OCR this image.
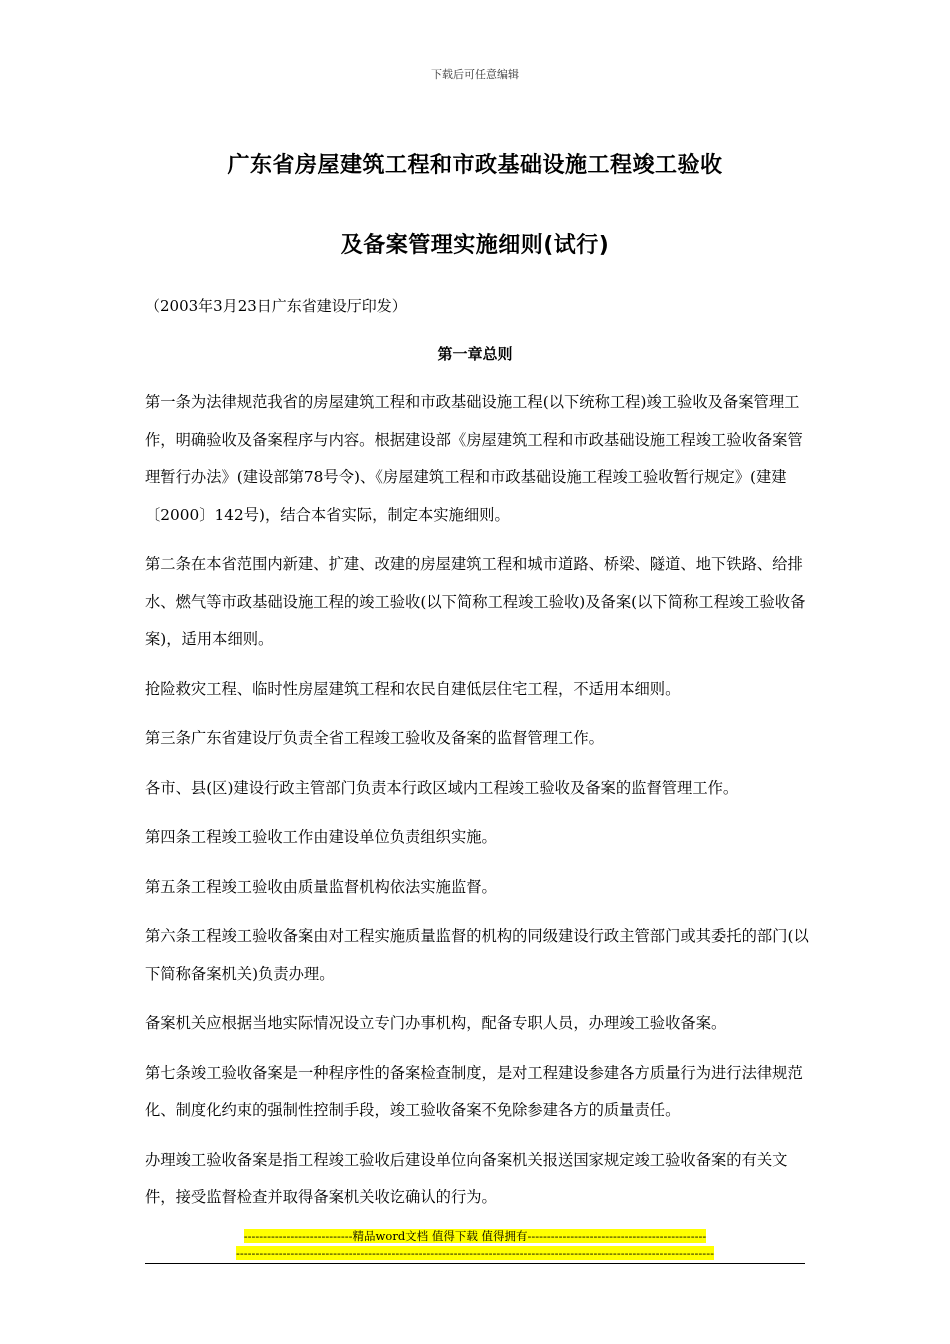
下载后可任意编辑
广东省房屋建筑工程和市政基础设施工程竣工验收
及备案管理实施细则(试行)
（2003年3月23日广东省建设厅印发）
第一章总则

第一条为法律规范我省的房屋建筑工程和市政基础设施工程(以下统称工程)竣工验收及备案管理工作，明确验收及备案程序与内容。根据建设部《房屋建筑工程和市政基础设施工程竣工验收备案管理暂行办法》(建设部第78号令)、《房屋建筑工程和市政基础设施工程竣工验收暂行规定》(建建〔2000〕142号)，结合本省实际，制定本实施细则。

第二条在本省范围内新建、扩建、改建的房屋建筑工程和城市道路、桥梁、隧道、地下铁路、给排水、燃气等市政基础设施工程的竣工验收(以下简称工程竣工验收)及备案(以下简称工程竣工验收备案)，适用本细则。

抢险救灾工程、临时性房屋建筑工程和农民自建低层住宅工程，不适用本细则。

第三条广东省建设厅负责全省工程竣工验收及备案的监督管理工作。

各市、县(区)建设行政主管部门负责本行政区域内工程竣工验收及备案的监督管理工作。

第四条工程竣工验收工作由建设单位负责组织实施。

第五条工程竣工验收由质量监督机构依法实施监督。

第六条工程竣工验收备案由对工程实施质量监督的机构的同级建设行政主管部门或其委托的部门(以下简称备案机关)负责办理。

备案机关应根据当地实际情况设立专门办事机构，配备专职人员，办理竣工验收备案。

第七条竣工验收备案是一种程序性的备案检查制度，是对工程建设参建各方质量行为进行法律规范化、制度化约束的强制性控制手段，竣工验收备案不免除参建各方的质量责任。

办理竣工验收备案是指工程竣工验收后建设单位向备案机关报送国家规定竣工验收备案的有关文件，接受监督检查并取得备案机关收讫确认的行为。

----------------------------精品word文档 值得下载 值得拥有----------------------------------------------
---------------------------------------------------------------------------------------------------------------------------
